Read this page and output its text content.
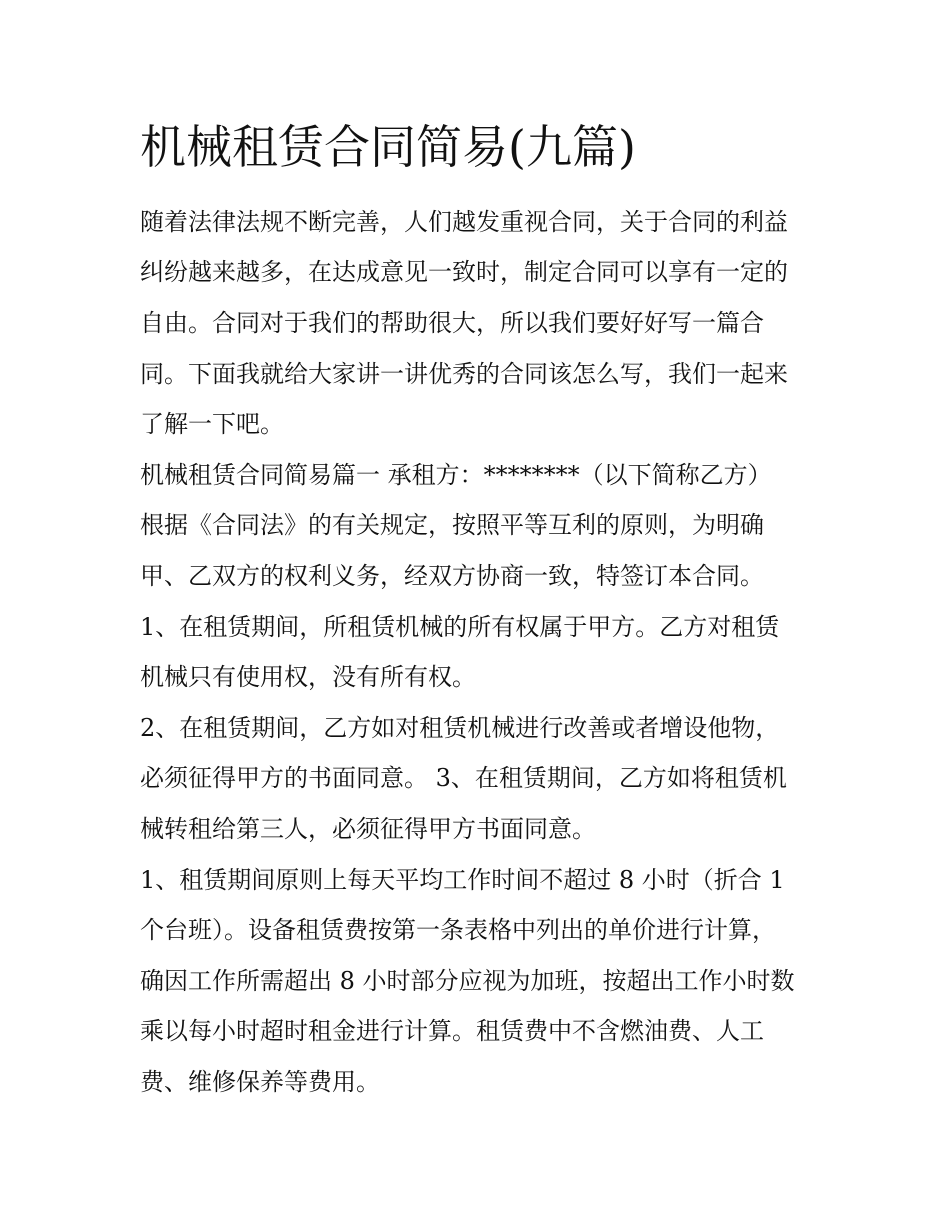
机械租赁合同简易(九篇)

随着法律法规不断完善，人们越发重视合同，关于合同的利益

纠纷越来越多，在达成意见一致时，制定合同可以享有一定的

自由。合同对于我们的帮助很大，所以我们要好好写一篇合

同。下面我就给大家讲一讲优秀的合同该怎么写，我们一起来

了解一下吧。

机械租赁合同简易篇一 承租方：********（以下简称乙方）

根据《合同法》的有关规定，按照平等互利的原则，为明确

甲、乙双方的权利义务，经双方协商一致，特签订本合同。

1、在租赁期间，所租赁机械的所有权属于甲方。乙方对租赁

机械只有使用权，没有所有权。

2、在租赁期间，乙方如对租赁机械进行改善或者增设他物，

必须征得甲方的书面同意。 3、在租赁期间，乙方如将租赁机

械转租给第三人，必须征得甲方书面同意。

1、租赁期间原则上每天平均工作时间不超过 8 小时（折合 1

个台班）。设备租赁费按第一条表格中列出的单价进行计算，

确因工作所需超出 8 小时部分应视为加班，按超出工作小时数

乘以每小时超时租金进行计算。租赁费中不含燃油费、人工

费、维修保养等费用。
